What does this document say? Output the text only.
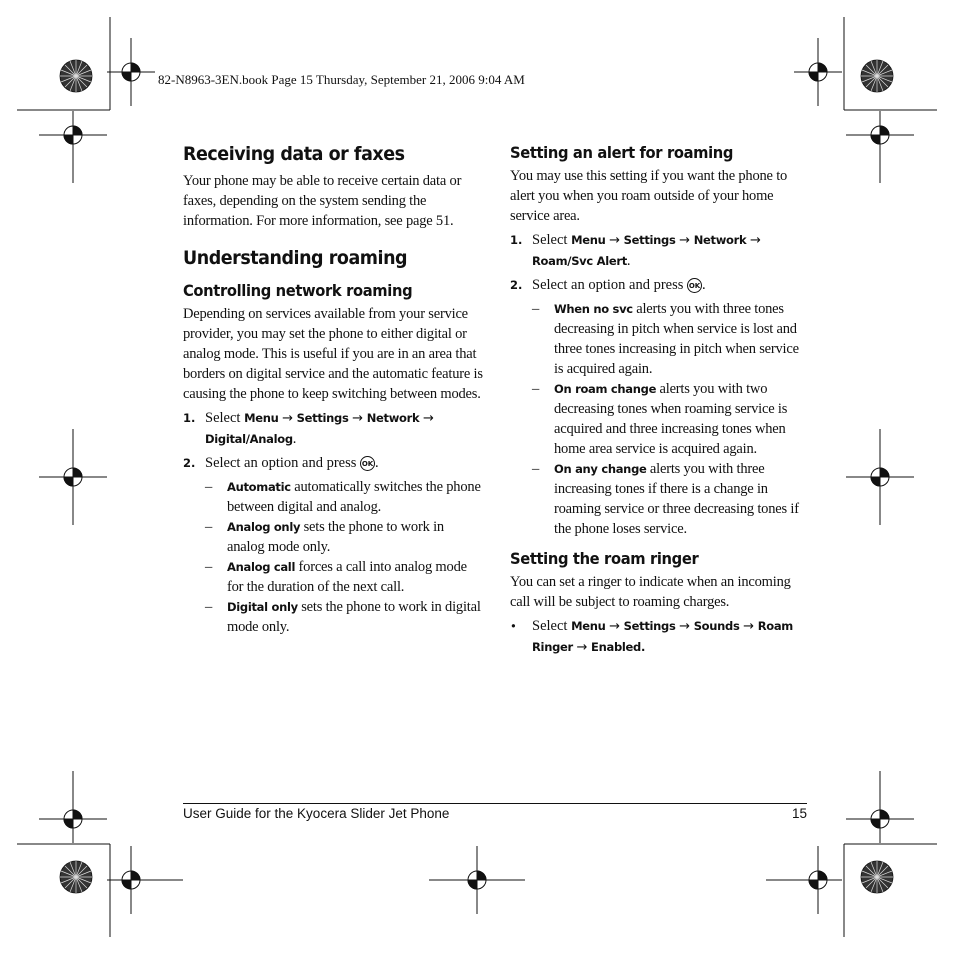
82-N8963-3EN.book Page 15 Thursday, September 21, 2006 9:04 AM
Receiving data or faxes

Your phone may be able to receive certain data or faxes, depending on the system sending the information. For more information, see page 51.

Understanding roaming
Controlling network roaming

Depending on services available from your service provider, you may set the phone to either digital or analog mode. This is useful if you are in an area that borders on digital service and the automatic feature is causing the phone to keep switching between modes.

1. Select Menu → Settings → Network → Digital/Analog.

2. Select an option and press OK .

– Automatic automatically switches the phone between digital and analog.

– Analog only sets the phone to work in analog mode only.

– Analog call forces a call into analog mode for the duration of the next call.

– Digital only sets the phone to work in digital mode only.

Setting an alert for roaming

You may use this setting if you want the phone to alert you when you roam outside of your home service area.

1. Select Menu → Settings → Network → Roam/Svc Alert.

2. Select an option and press OK .

– When no svc alerts you with three tones decreasing in pitch when service is lost and three tones increasing in pitch when service is acquired again.

– On roam change alerts you with two decreasing tones when roaming service is acquired and three increasing tones when home area service is acquired again.

– On any change alerts you with three increasing tones if there is a change in roaming service or three decreasing tones if the phone loses service.

Setting the roam ringer

You can set a ringer to indicate when an incoming call will be subject to roaming charges.

• Select Menu → Settings → Sounds → Roam Ringer → Enabled.

User Guide for the Kyocera Slider Jet Phone	15
